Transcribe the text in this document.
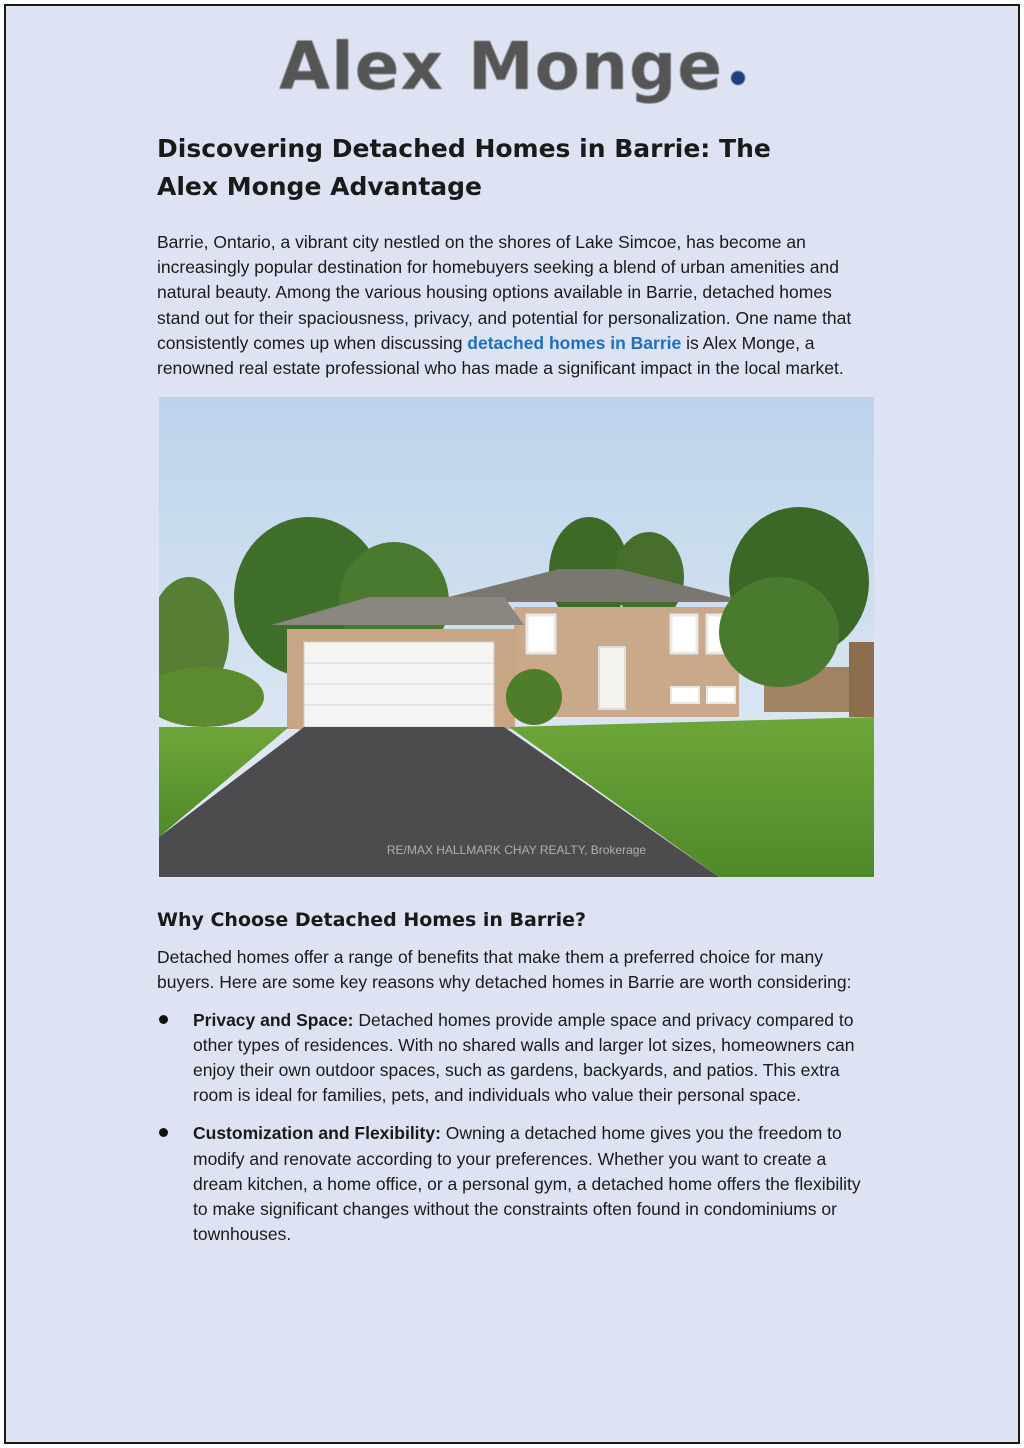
Alex Monge
Discovering Detached Homes in Barrie: The Alex Monge Advantage

Barrie, Ontario, a vibrant city nestled on the shores of Lake Simcoe, has become an increasingly popular destination for homebuyers seeking a blend of urban amenities and natural beauty. Among the various housing options available in Barrie, detached homes stand out for their spaciousness, privacy, and potential for personalization. One name that consistently comes up when discussing detached homes in Barrie is Alex Monge, a renowned real estate professional who has made a significant impact in the local market.

RE/MAX HALLMARK CHAY REALTY, Brokerage
Why Choose Detached Homes in Barrie?

Detached homes offer a range of benefits that make them a preferred choice for many buyers. Here are some key reasons why detached homes in Barrie are worth considering:

Privacy and Space: Detached homes provide ample space and privacy compared to other types of residences. With no shared walls and larger lot sizes, homeowners can enjoy their own outdoor spaces, such as gardens, backyards, and patios. This extra room is ideal for families, pets, and individuals who value their personal space.
Customization and Flexibility: Owning a detached home gives you the freedom to modify and renovate according to your preferences. Whether you want to create a dream kitchen, a home office, or a personal gym, a detached home offers the flexibility to make significant changes without the constraints often found in condominiums or townhouses.
